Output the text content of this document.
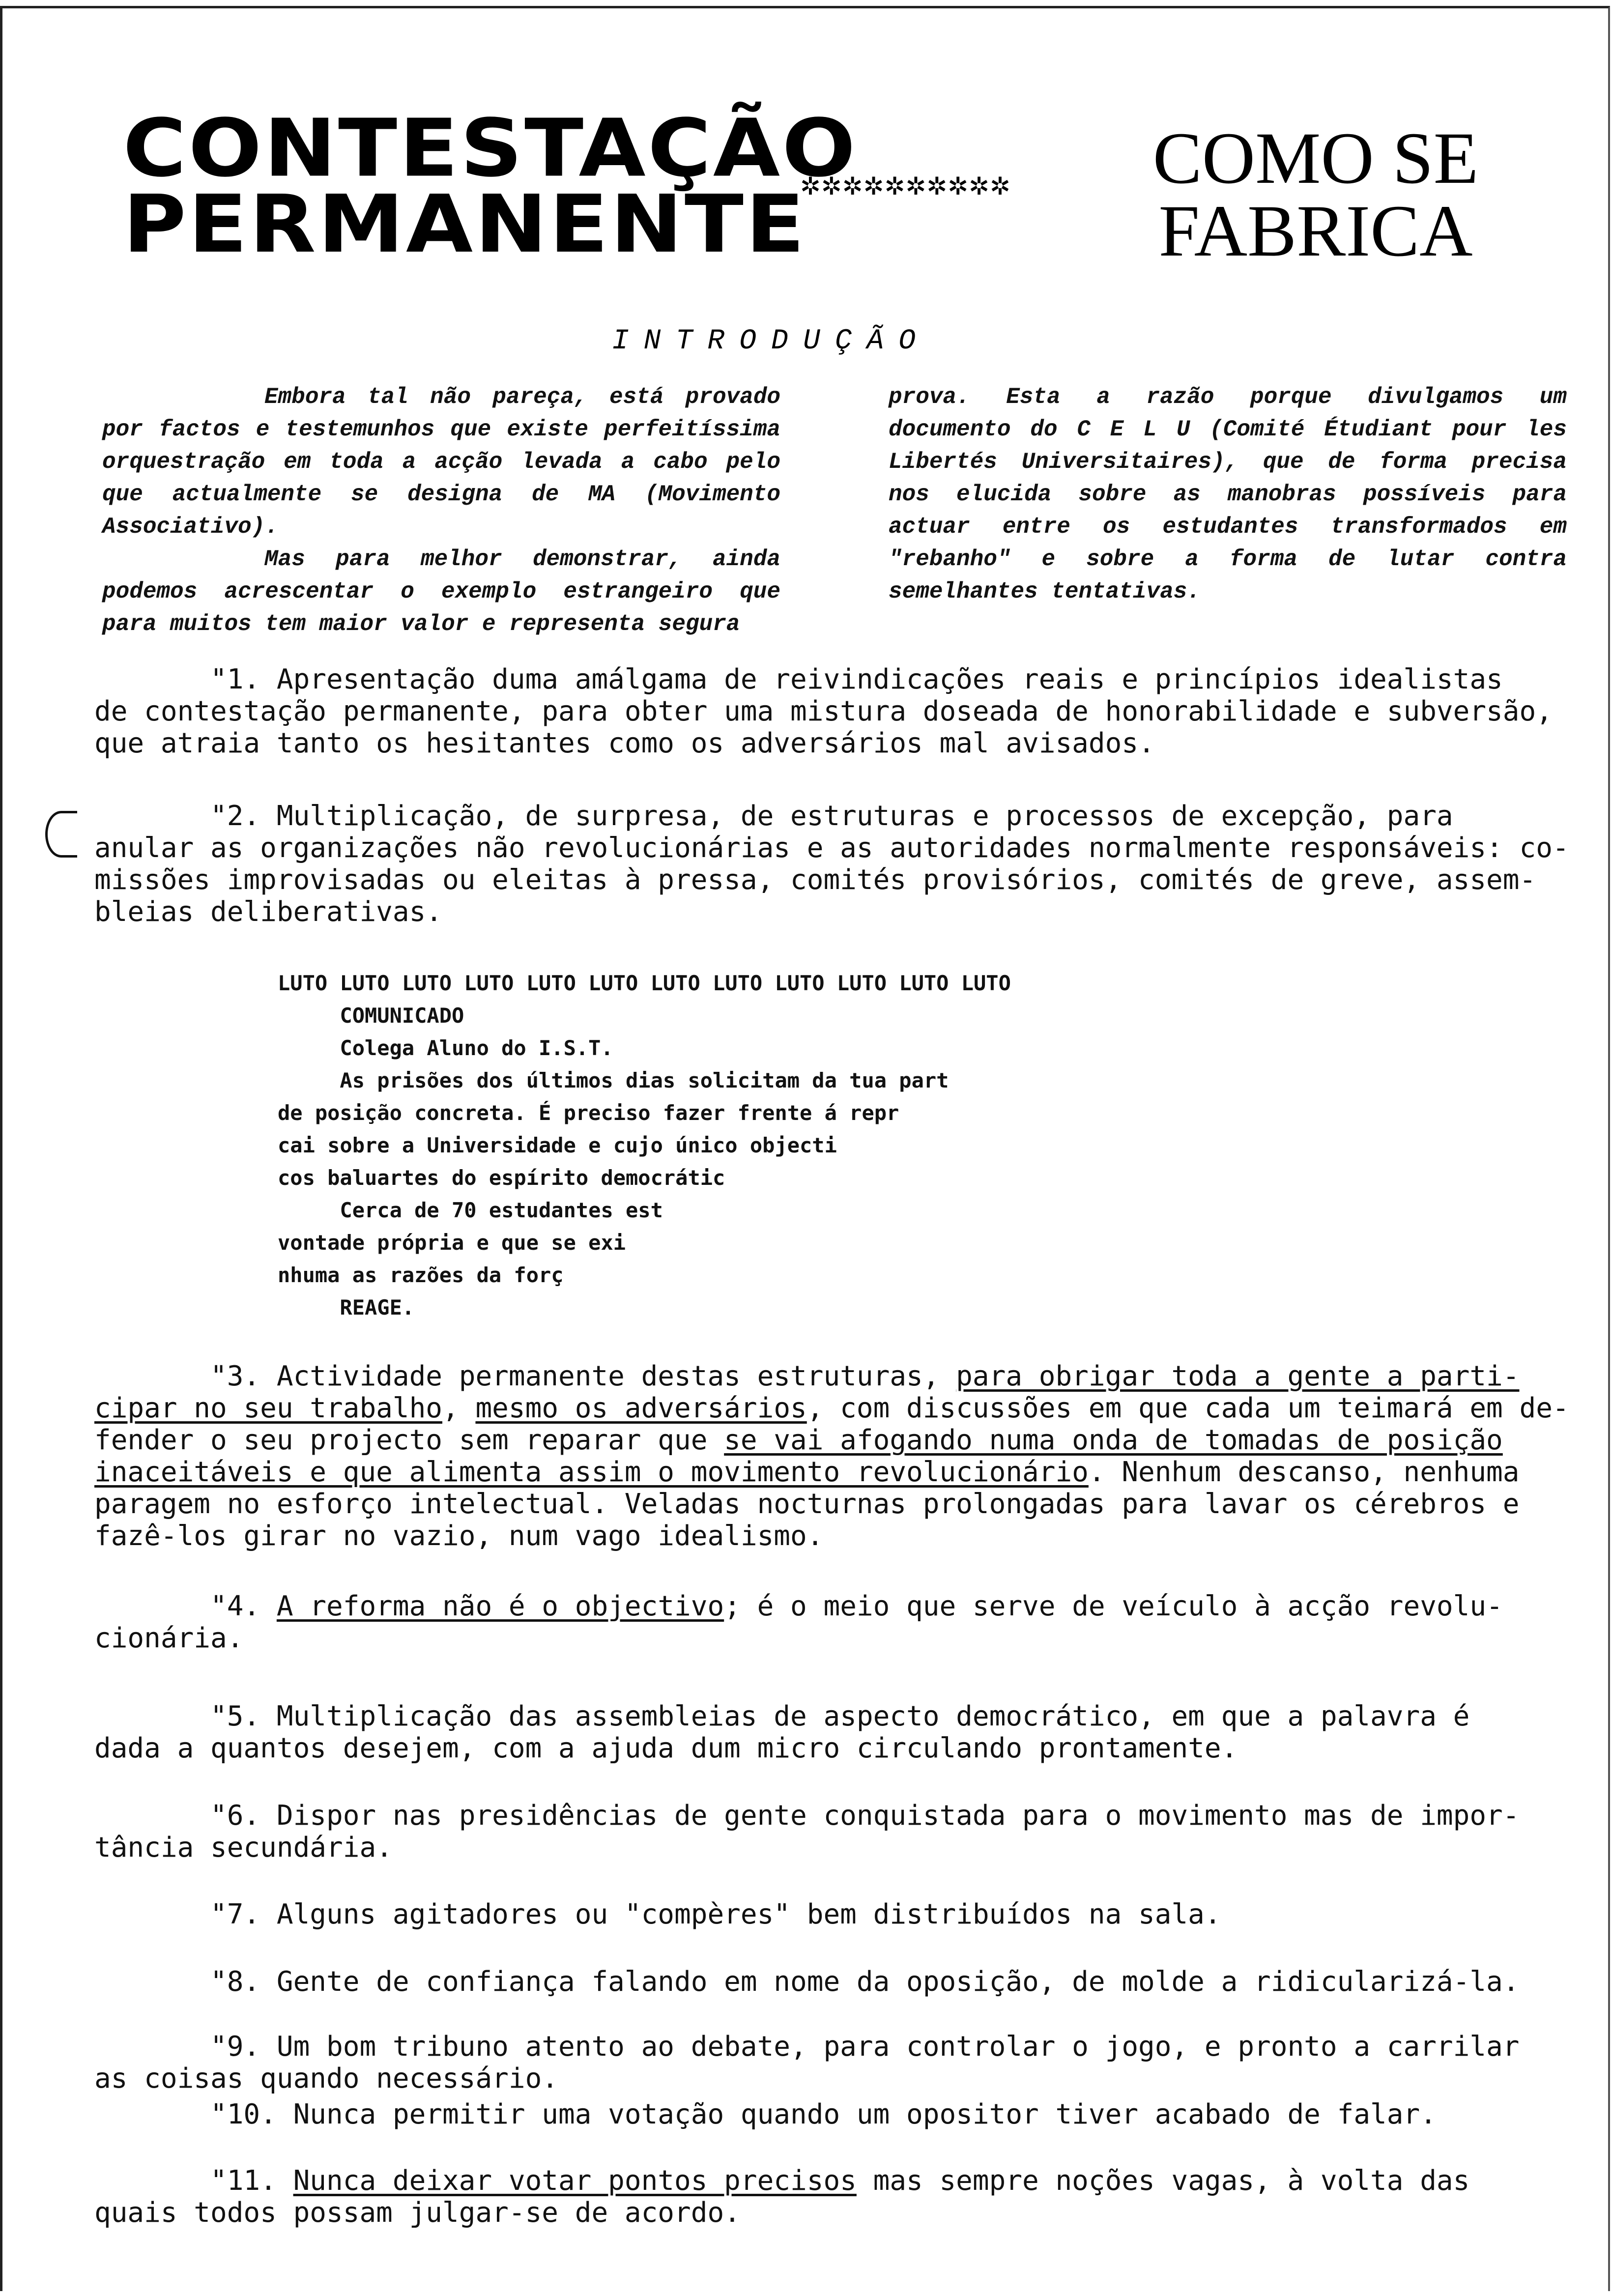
CONTESTAÇÃO
PERMANENTE
✲✲✲✲✲✲✲✲✲✲	COMO SE
FABRICA
INTRODUÇÃO

Embora tal não pareça, está provado por factos e testemunhos que existe perfeitíssima orquestração em toda a acção levada a cabo pelo que actualmente se designa de MA (Movimento Associativo).

Mas para melhor demonstrar, ainda podemos acrescentar o exemplo estrangeiro que para muitos tem maior valor e representa segura

prova. Esta a razão porque divulgamos um documento do C E L U (Comité Étudiant pour les Libertés Universitaires), que de forma precisa nos elucida sobre as manobras possíveis para actuar entre os estudantes transformados em "rebanho" e sobre a forma de lutar contra semelhantes tentativas.

"1. Apresentação duma amálgama de reivindicações reais e princípios idealistas
de contestação permanente, para obter uma mistura doseada de honorabilidade e subversão,
que atraia tanto os hesitantes como os adversários mal avisados.
"2. Multiplicação, de surpresa, de estruturas e processos de excepção, para
anular as organizações não revolucionárias e as autoridades normalmente responsáveis: co-
missões improvisadas ou eleitas à pressa, comités provisórios, comités de greve, assem-
bleias deliberativas.
LUTO LUTO LUTO LUTO LUTO LUTO LUTO LUTO LUTO LUTO LUTO LUTO
COMUNICADO
Colega Aluno do I.S.T.
As prisões dos últimos dias solicitam da tua part
de posição concreta. É preciso fazer frente á repr
cai sobre a Universidade e cujo único objecti
cos baluartes do espírito democrátic
Cerca de 70 estudantes est
vontade própria e que se exi
nhuma as razões da forç
REAGE.
"3. Actividade permanente destas estruturas, para obrigar toda a gente a parti-
cipar no seu trabalho, mesmo os adversários, com discussões em que cada um teimará em de-
fender o seu projecto sem reparar que se vai afogando numa onda de tomadas de posição
inaceitáveis e que alimenta assim o movimento revolucionário. Nenhum descanso, nenhuma
paragem no esforço intelectual. Veladas nocturnas prolongadas para lavar os cérebros e
fazê-los girar no vazio, num vago idealismo.
"4. A reforma não é o objectivo; é o meio que serve de veículo à acção revolu-
cionária.
"5. Multiplicação das assembleias de aspecto democrático, em que a palavra é
dada a quantos desejem, com a ajuda dum micro circulando prontamente.
"6. Dispor nas presidências de gente conquistada para o movimento mas de impor-
tância secundária.
"7. Alguns agitadores ou "compères" bem distribuídos na sala.
"8. Gente de confiança falando em nome da oposição, de molde a ridicularizá-la.
"9. Um bom tribuno atento ao debate, para controlar o jogo, e pronto a carrilar
as coisas quando necessário.
"10. Nunca permitir uma votação quando um opositor tiver acabado de falar.
"11. Nunca deixar votar pontos precisos mas sempre noções vagas, à volta das
quais todos possam julgar-se de acordo.
